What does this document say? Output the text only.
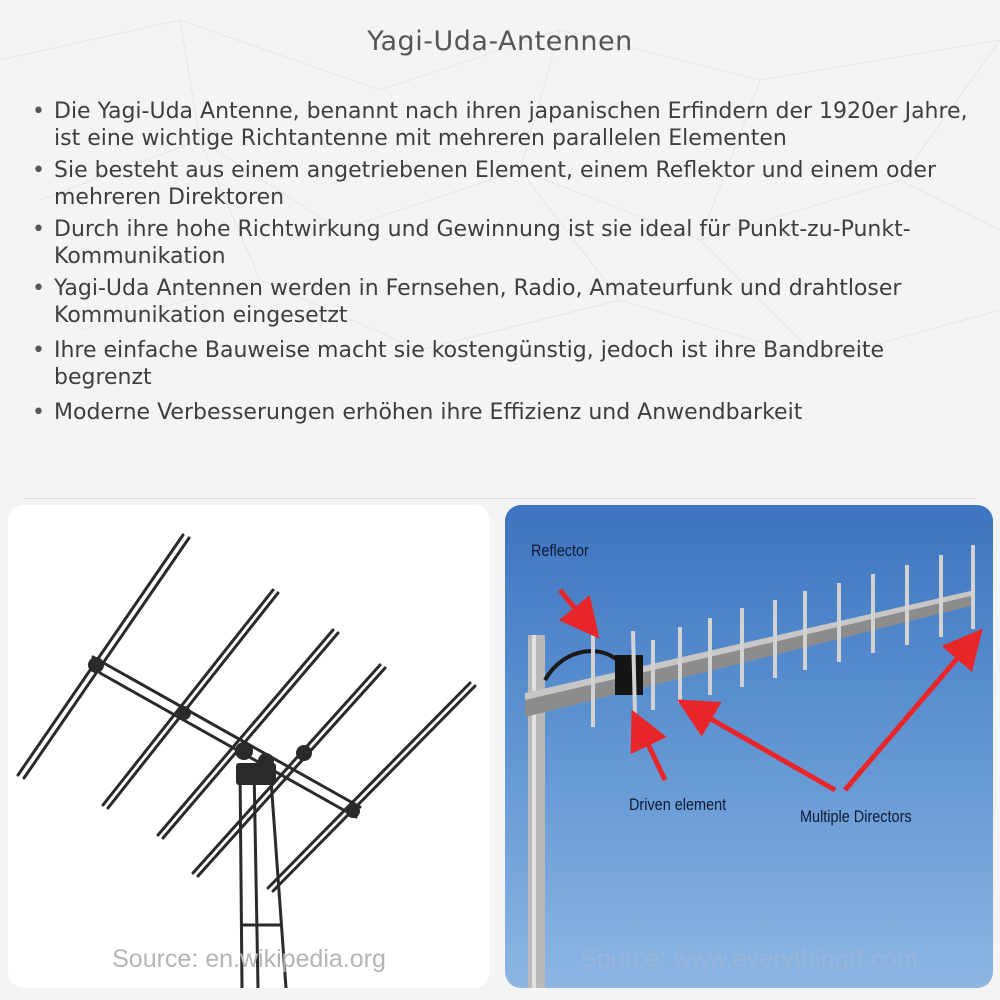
Yagi-Uda-Antennen
• Die Yagi-Uda Antenne, benannt nach ihren japanischen Erfindern der 1920er Jahre, ist eine wichtige Richtantenne mit mehreren parallelen Elementen
• Sie besteht aus einem angetriebenen Element, einem Reflektor und einem oder mehreren Direktoren
• Durch ihre hohe Richtwirkung und Gewinnung ist sie ideal für Punkt-zu-Punkt-Kommunikation
• Yagi-Uda Antennen werden in Fernsehen, Radio, Amateurfunk und drahtloser Kommunikation eingesetzt
• Ihre einfache Bauweise macht sie kostengünstig, jedoch ist ihre Bandbreite begrenzt
• Moderne Verbesserungen erhöhen ihre Effizienz und Anwendbarkeit
Source: en.wikipedia.org
Reflector
Driven element
Multiple Directors
Source: www.everythingrf.com
